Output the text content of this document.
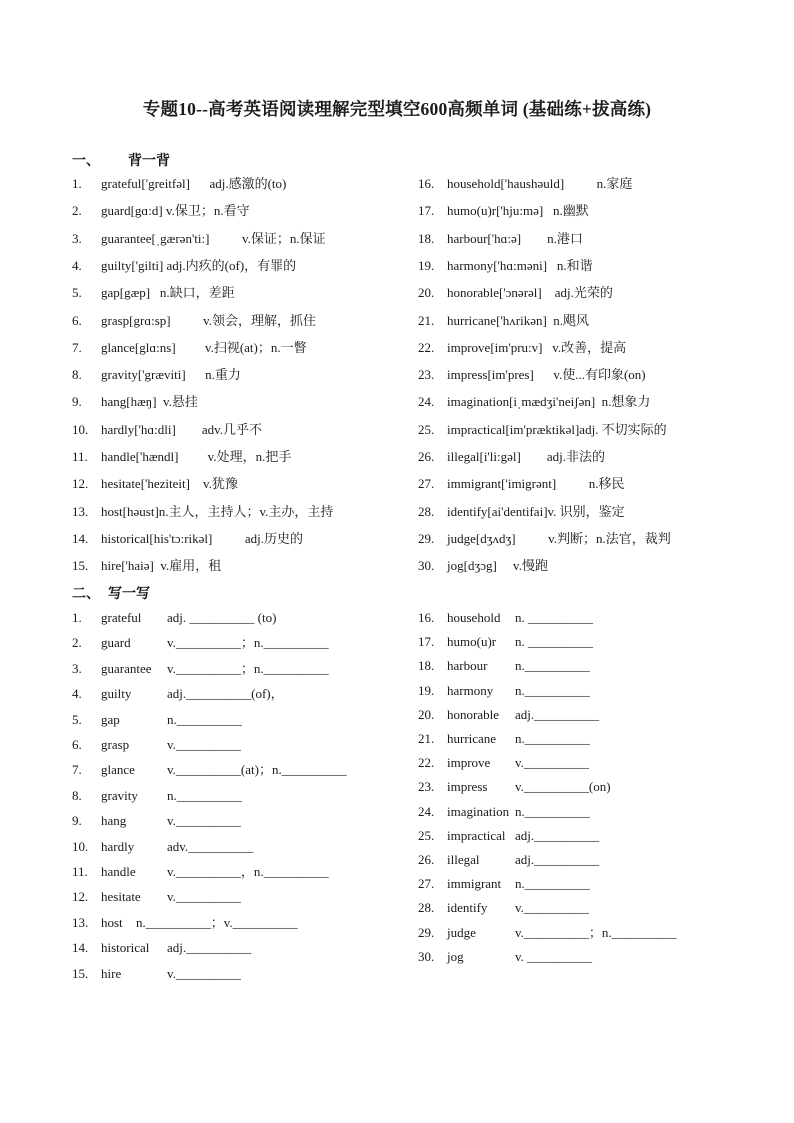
专题10--高考英语阅读理解完型填空600高频单词 (基础练+拔高练)
一、 背一背
1.	grateful['greitfəl]      adj.感激的(to)
2.	guard[gɑ:d] v.保卫；n.看守
3.	guarantee[ˌgærən'ti:]          v.保证；n.保证
4.	guilty['gilti] adj.内疚的(of)，有罪的
5.	gap[gæp]   n.缺口，差距
6.	grasp[grɑ:sp]          v.领会，理解，抓住
7.	glance[glɑ:ns]         v.扫视(at)；n.一瞥
8.	gravity['græviti]      n.重力
9.	hang[hæŋ]  v.悬挂
10. hardly['hɑ:dli]        adv.几乎不
11.	handle['hændl]         v.处理，n.把手
12. hesitate['heziteit]    v.犹豫
13. host[həust]n.主人，主持人；v.主办，主持
14. historical[his'tɔ:rikəl]          adj.历史的
15. hire['haiə]  v.雇用，租
16. household['haushəuld]          n.家庭
17. humo(u)r['hju:mə]   n.幽默
18. harbour['hɑ:ə]        n.港口
19. harmony['hɑ:məni]   n.和谐
20. honorable['ɔnərəl]    adj.光荣的
21. hurricane['hʌrikən]  n.飓风
22. improve[im'pru:v]   v.改善，提高
23. impress[im'pres]      v.使...有印象(on)
24. imagination[iˌmædʒi'neiʃən]  n.想象力
25. impractical[im'præktikəl]adj. 不切实际的
26. illegal[i'li:gəl]        adj.非法的
27. immigrant['imigrənt]          n.移民
28. identify[ai'dentifai]v. 识别，鉴定
29. judge[dʒʌdʒ]          v.判断；n.法官，裁判
30. jog[dʒɔg]     v.慢跑
二、 写一写
1.	grateful adj. __________ (to)
2.	guard	v.__________；n.__________
3.	guarantee v.__________；n.__________
4.	guilty	adj.__________(of)，
5.	gap	n.__________
6.	grasp	v.__________
7.	glance v.__________(at)；n.__________
8.	gravity n.__________
9.	hang	v.__________
10. hardly	adv.__________
11.	handle v.__________，n.__________
12. hesitate v.__________
13. host n.__________；v.__________
14. historical adj.__________
15. hire	v.__________
16. household n. __________
17. humo(u)r n. __________
18. harbour n.__________
19. harmony n.__________
20. honorable adj.__________
21. hurricane n.__________
22. improve v.__________
23. impress v.__________(on)
24. imagination n.__________
25. impractical adj.__________
26. illegal	adj.__________
27. immigrant n.__________
28. identify v.__________
29. judge	v.__________；n.__________
30. jog	v. __________
